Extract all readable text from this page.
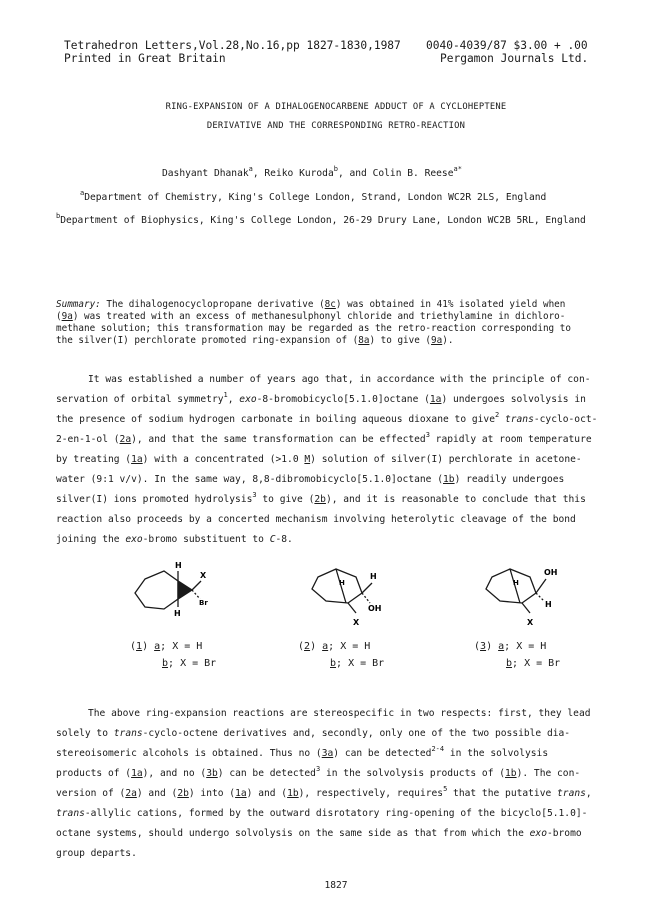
Tetrahedron Letters,Vol.28,No.16,pp 1827-1830,1987
Printed in Great Britain
0040-4039/87 $3.00 + .00
Pergamon Journals Ltd.
RING-EXPANSION OF A DIHALOGENOCARBENE ADDUCT OF A CYCLOHEPTENE
DERIVATIVE AND THE CORRESPONDING RETRO-REACTION
Dashyant Dhanak$^a$, Reiko Kuroda$^b$, and Colin B. Reese$^{a*}$
$^a$Department of Chemistry, King's College London, Strand, London WC2R 2LS, England
$^b$Department of Biophysics, King's College London, 26-29 Drury Lane, London WC2B 5RL, England
Summary: The dihalogenocyclopropane derivative (8c) was obtained in 41% isolated yield when
(9a) was treated with an excess of methanesulphonyl chloride and triethylamine in dichloro-
methane solution; this transformation may be regarded as the retro-reaction corresponding to
the silver(I) perchlorate promoted ring-expansion of (8a) to give (9a).
It was established a number of years ago that, in accordance with the principle of con-
servation of orbital symmetry$^1$, exo-8-bromobicyclo[5.1.0]octane (1a) undergoes solvolysis in
the presence of sodium hydrogen carbonate in boiling aqueous dioxane to give$^2$ trans-cyclo-oct-
2-en-1-ol (2a), and that the same transformation can be effected$^3$ rapidly at room temperature
by treating (1a) with a concentrated (>1.0 M) solution of silver(I) perchlorate in acetone-
water (9:1 v/v). In the same way, 8,8-dibromobicyclo[5.1.0]octane (1b) readily undergoes
silver(I) ions promoted hydrolysis$^3$ to give (2b), and it is reasonable to conclude that this
reaction also proceeds by a concerted mechanism involving heterolytic cleavage of the bond
joining the exo-bromo substituent to C-8.
H
X
Br
H
H
H
OH
X
OH
H
H
X
(1) a; X = H
b; X = Br
(2) a; X = H
b; X = Br
(3) a; X = H
b; X = Br
The above ring-expansion reactions are stereospecific in two respects: first, they lead
solely to trans-cyclo-octene derivatives and, secondly, only one of the two possible dia-
stereoisomeric alcohols is obtained. Thus no (3a) can be detected$^{2-4}$ in the solvolysis
products of (1a), and no (3b) can be detected$^3$ in the solvolysis products of (1b). The con-
version of (2a) and (2b) into (1a) and (1b), respectively, requires$^5$ that the putative trans,
trans-allylic cations, formed by the outward disrotatory ring-opening of the bicyclo[5.1.0]-
octane systems, should undergo solvolysis on the same side as that from which the exo-bromo
group departs.
1827
